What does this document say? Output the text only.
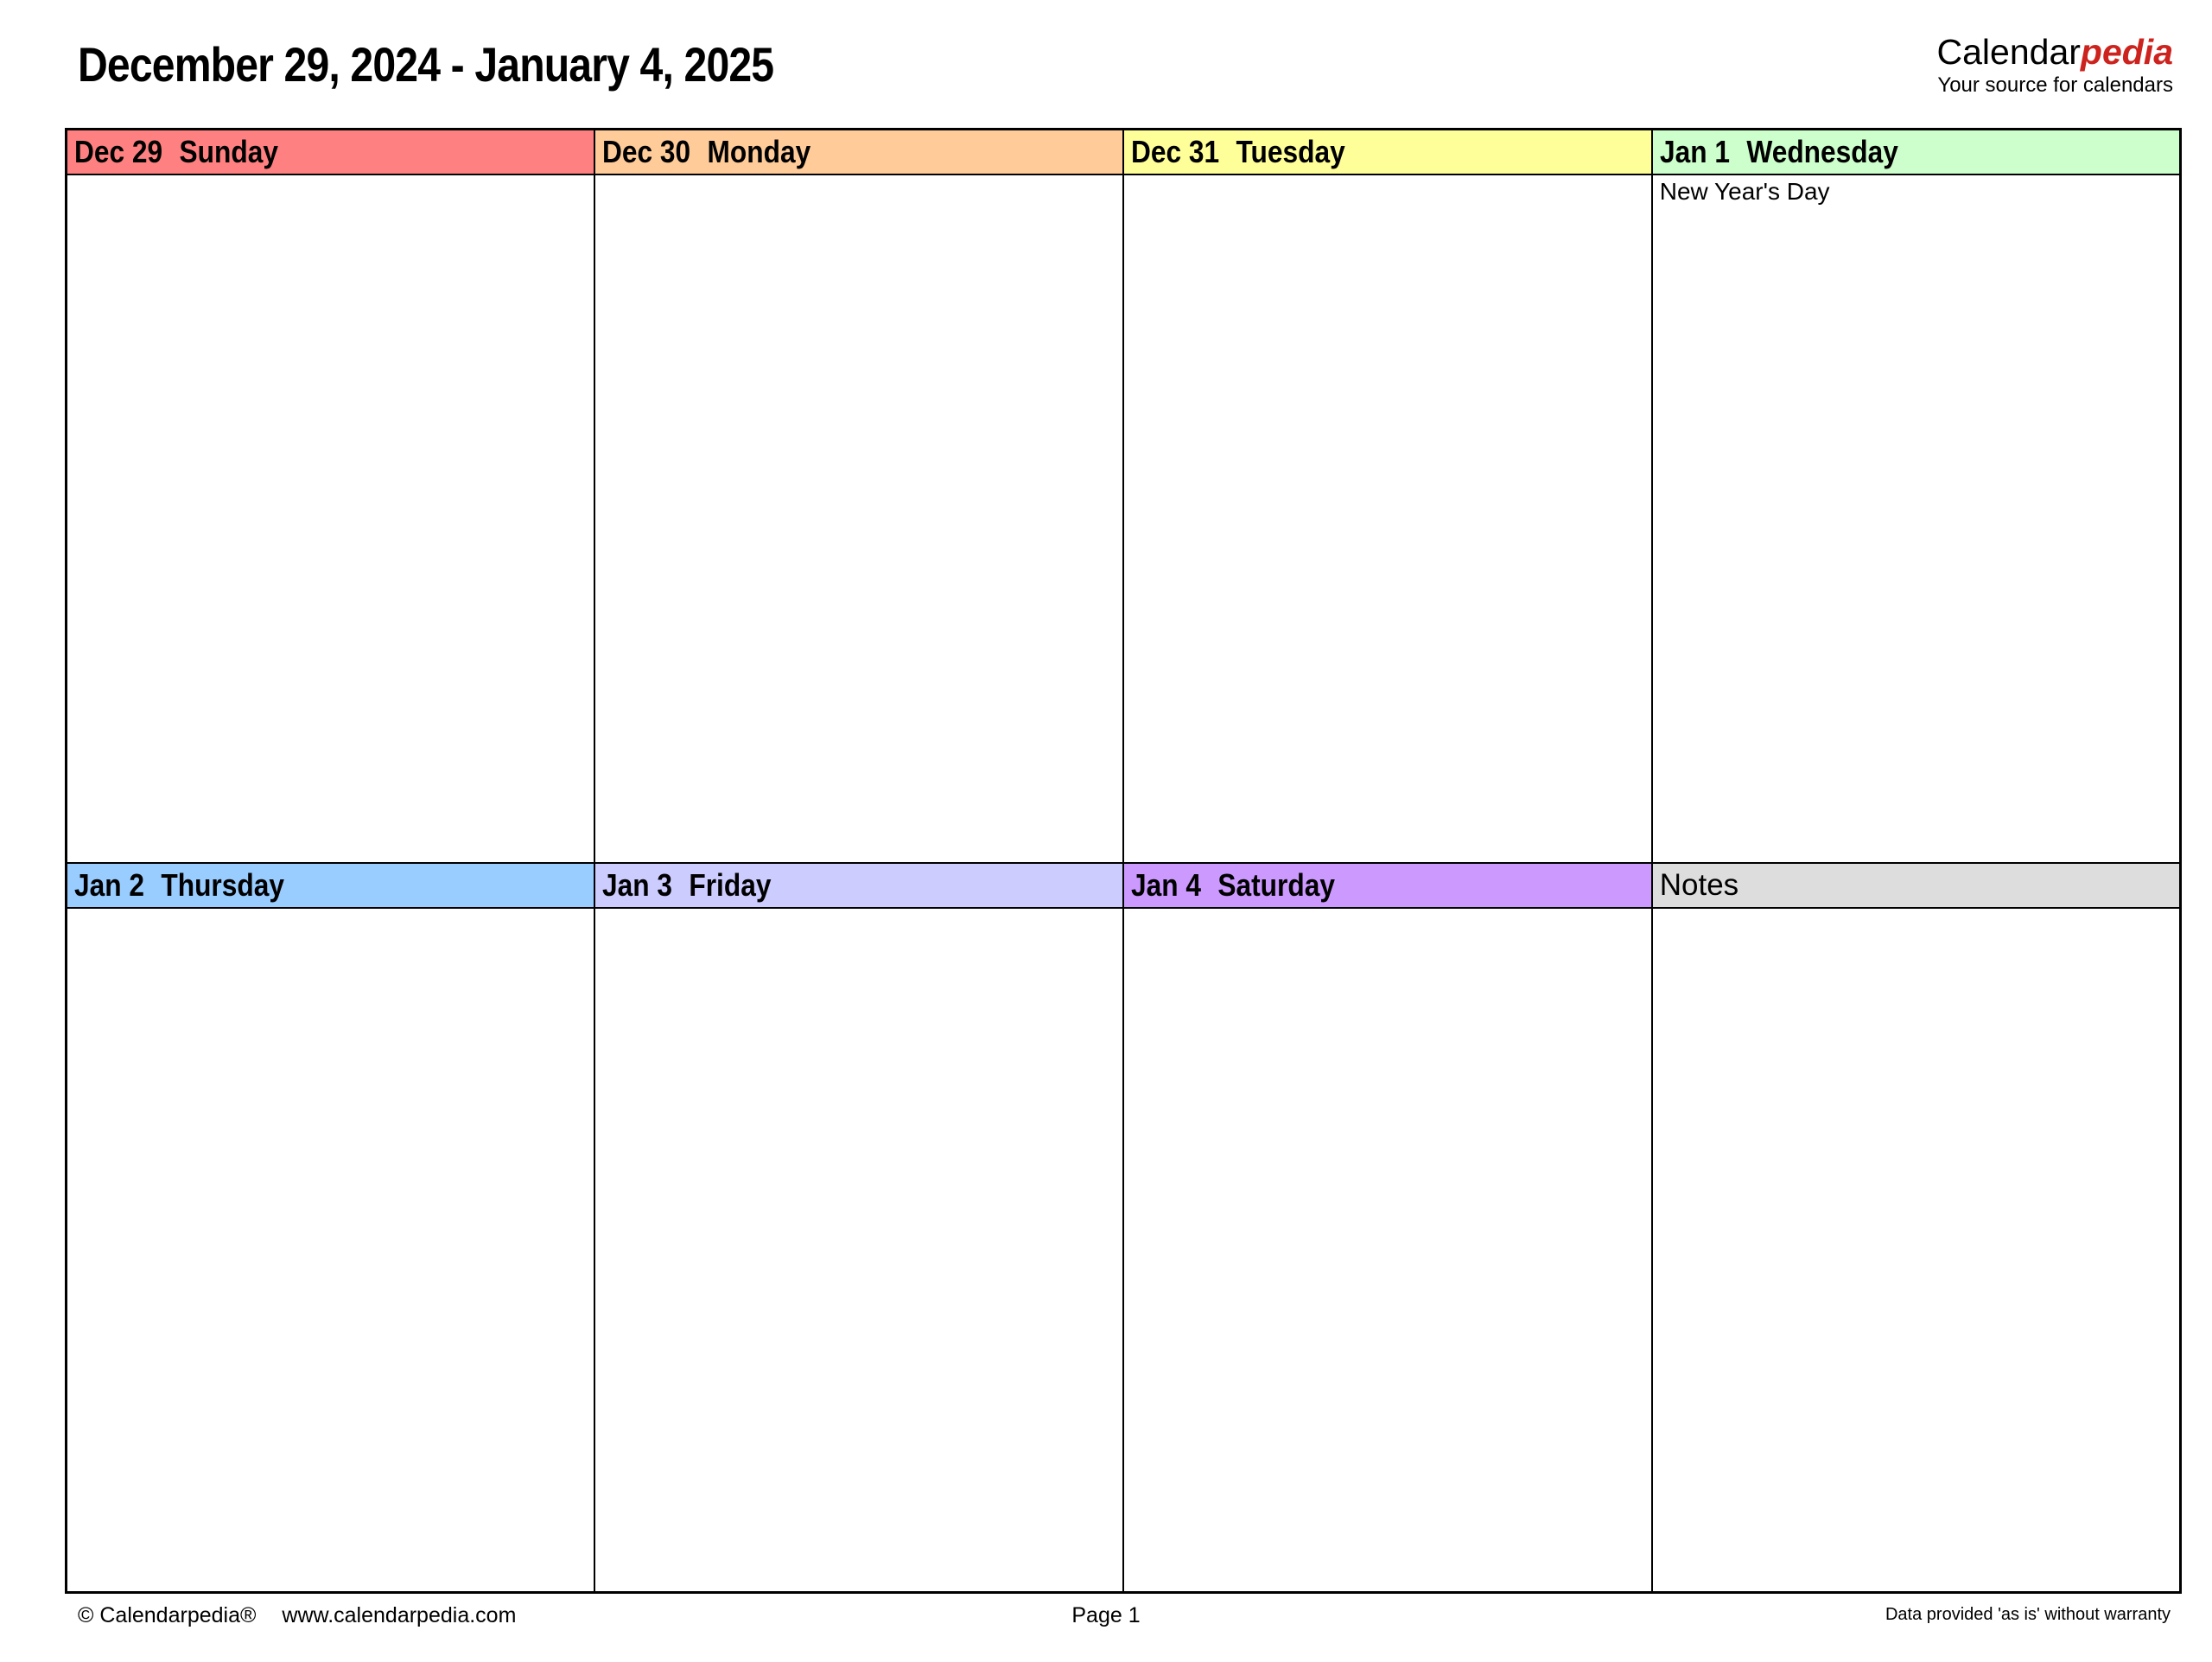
December 29, 2024 - January 4, 2025	Calendarpedia
Your source for calendars
Dec 29 Sunday	Dec 30 Monday	Dec 31 Tuesday	Jan 1 Wednesday

			New Year's Day

Jan 2 Thursday	Jan 3 Friday	Jan 4 Saturday	Notes

© Calendarpedia® www.calendarpedia.com	Page 1	Data provided 'as is' without warranty
